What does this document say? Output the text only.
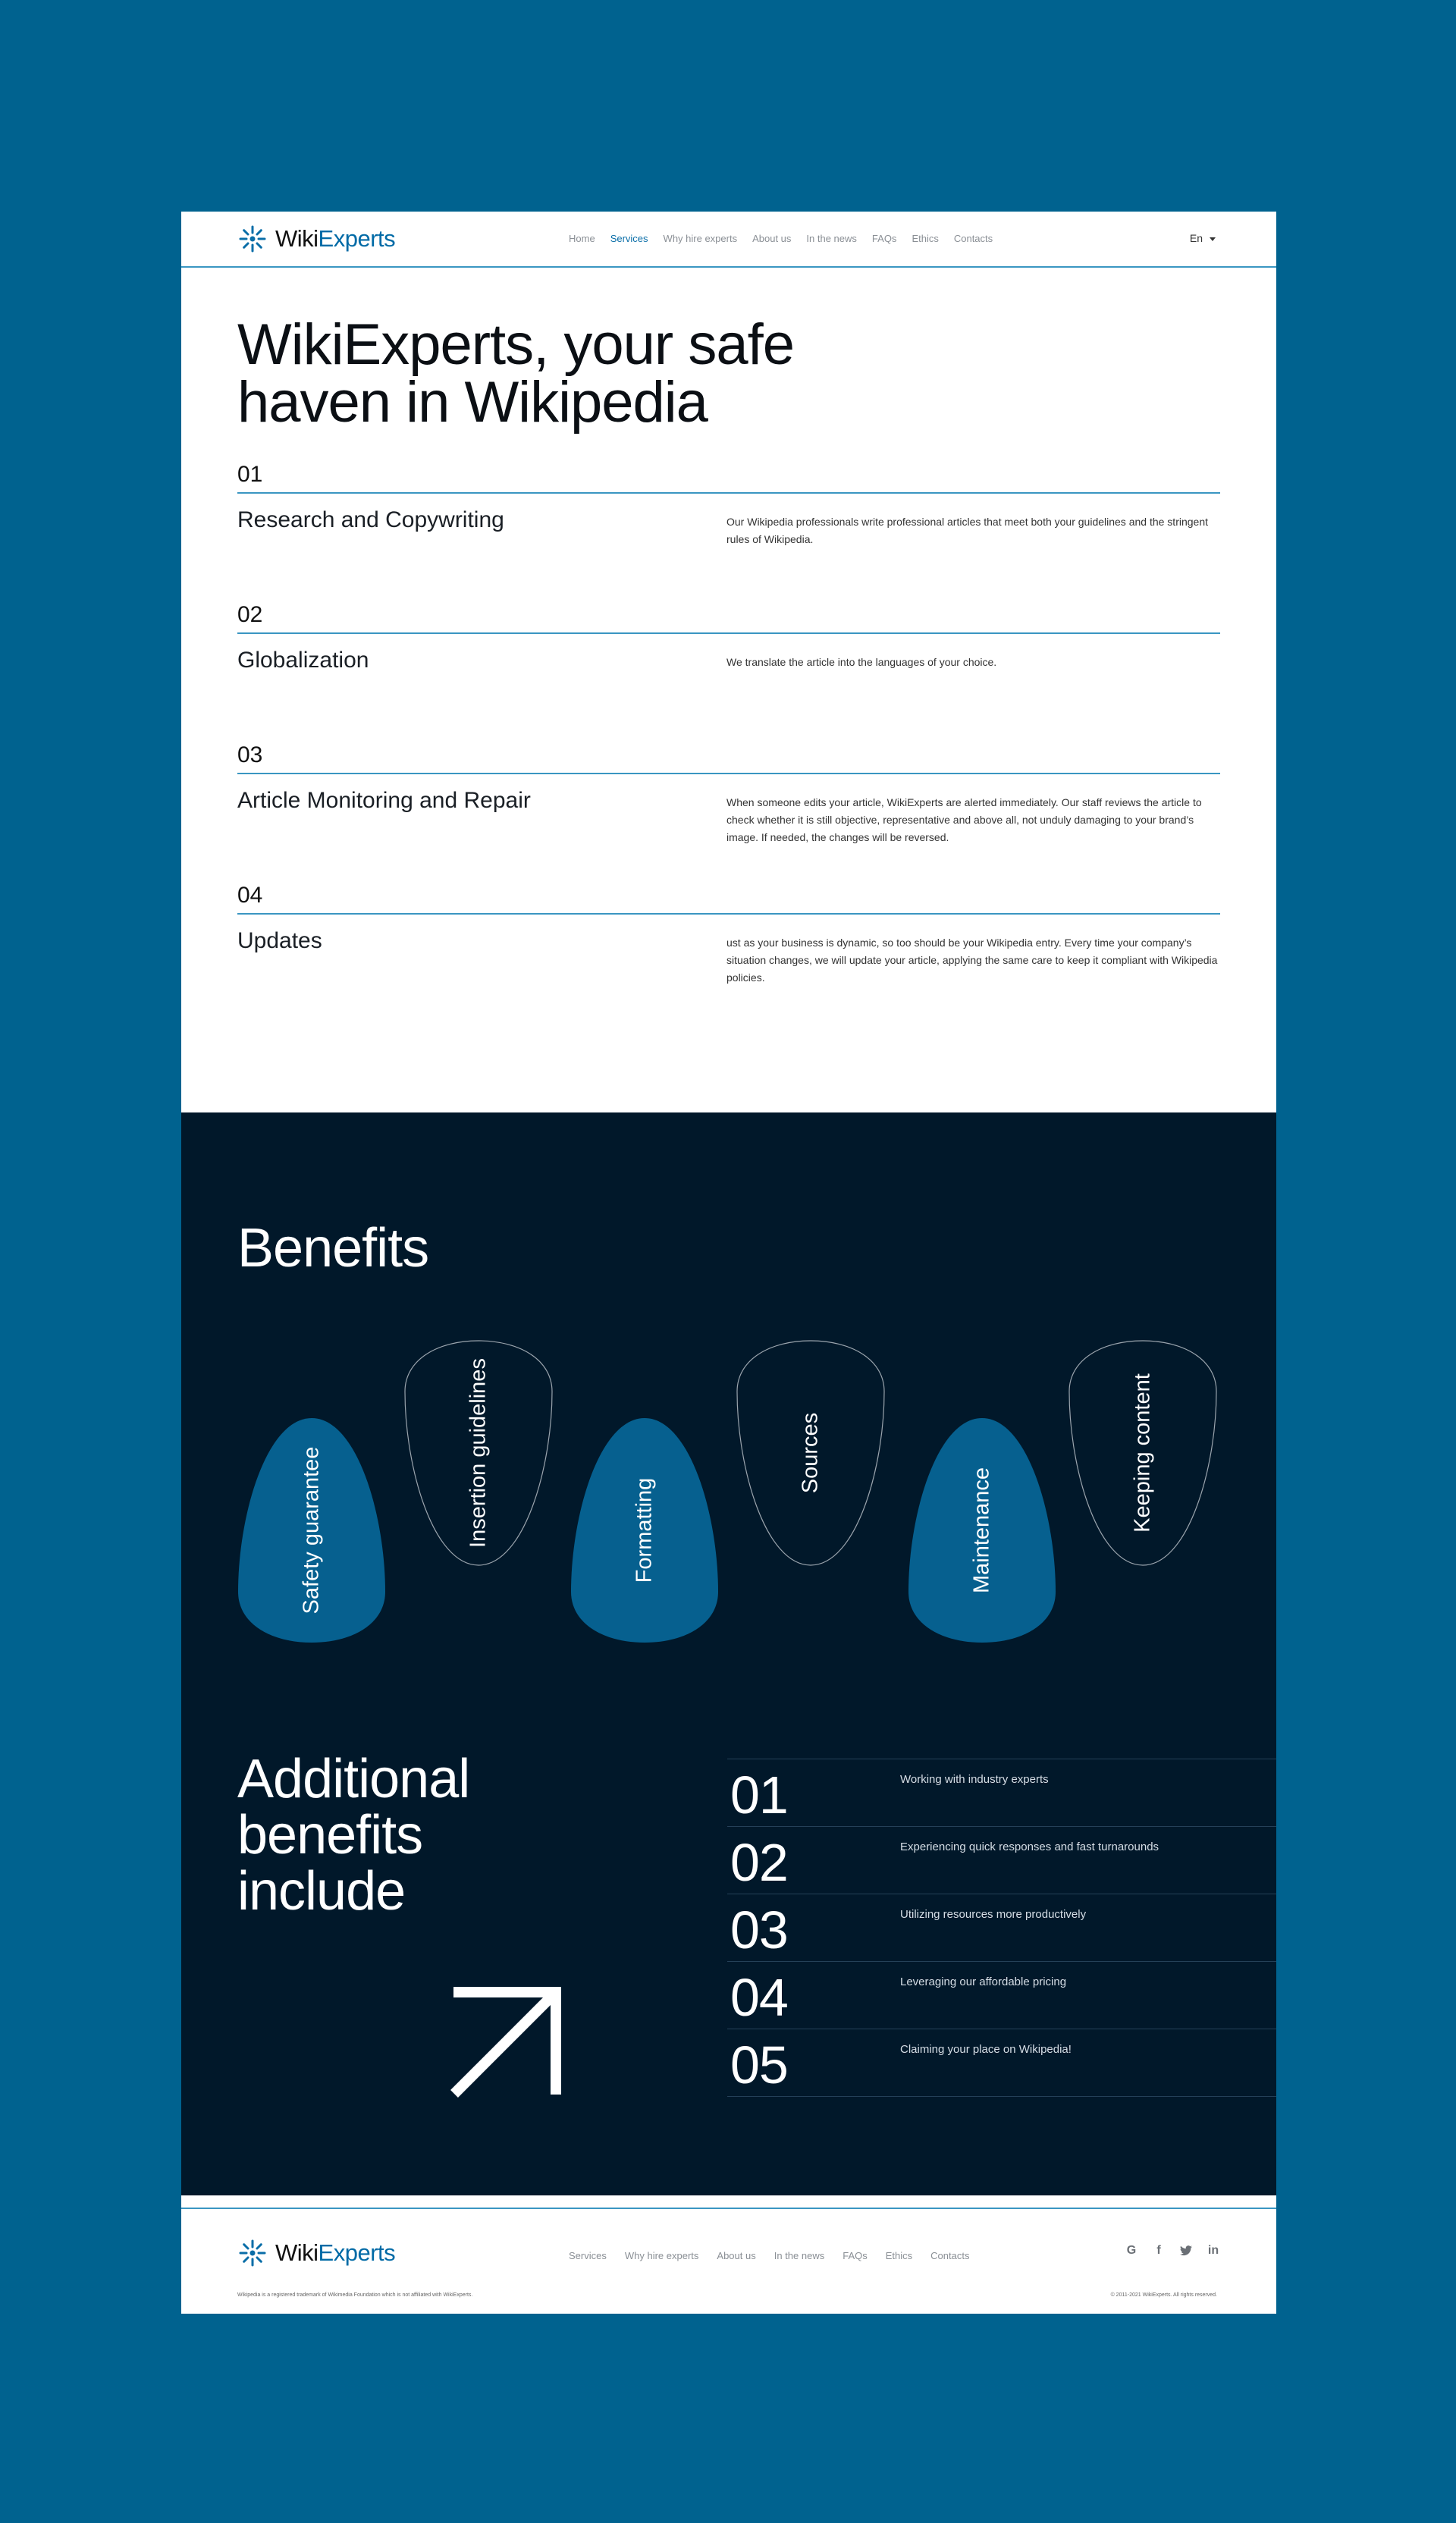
WikiExperts	Home Services Why hire experts About us In the news FAQs Ethics Contacts	En
WikiExperts, your safe
haven in Wikipedia
01
Research and Copywriting	Our Wikipedia professionals write professional articles that meet both your guidelines and the stringent rules of Wikipedia.
02
Globalization	We translate the article into the languages of your choice.
03
Article Monitoring and Repair	When someone edits your article, WikiExperts are alerted immediately. Our staff reviews the article to check whether it is still objective, representative and above all, not unduly damaging to your brand’s image. If needed, the changes will be reversed.
04
Updates	ust as your business is dynamic, so too should be your Wikipedia entry. Every time your company’s situation changes, we will update your article, applying the same care to keep it compliant with Wikipedia policies.
Benefits
Safety guarantee	Insertion guidelines	Formatting
Sources
Maintenance	Keeping content
Additional
benefits
include
01	Working with industry experts
02	Experiencing quick responses and fast turnarounds
03	Utilizing resources more productively
04	Leveraging our affordable pricing
05	Claiming your place on Wikipedia!
WikiExperts	Services Why hire experts About us In the news FAQs Ethics Contacts	G	f	in
Wikipedia is a registered trademark of Wikimedia Foundation which is not affiliated with WikiExperts.	© 2011-2021 WikiExperts. All rights reserved.
